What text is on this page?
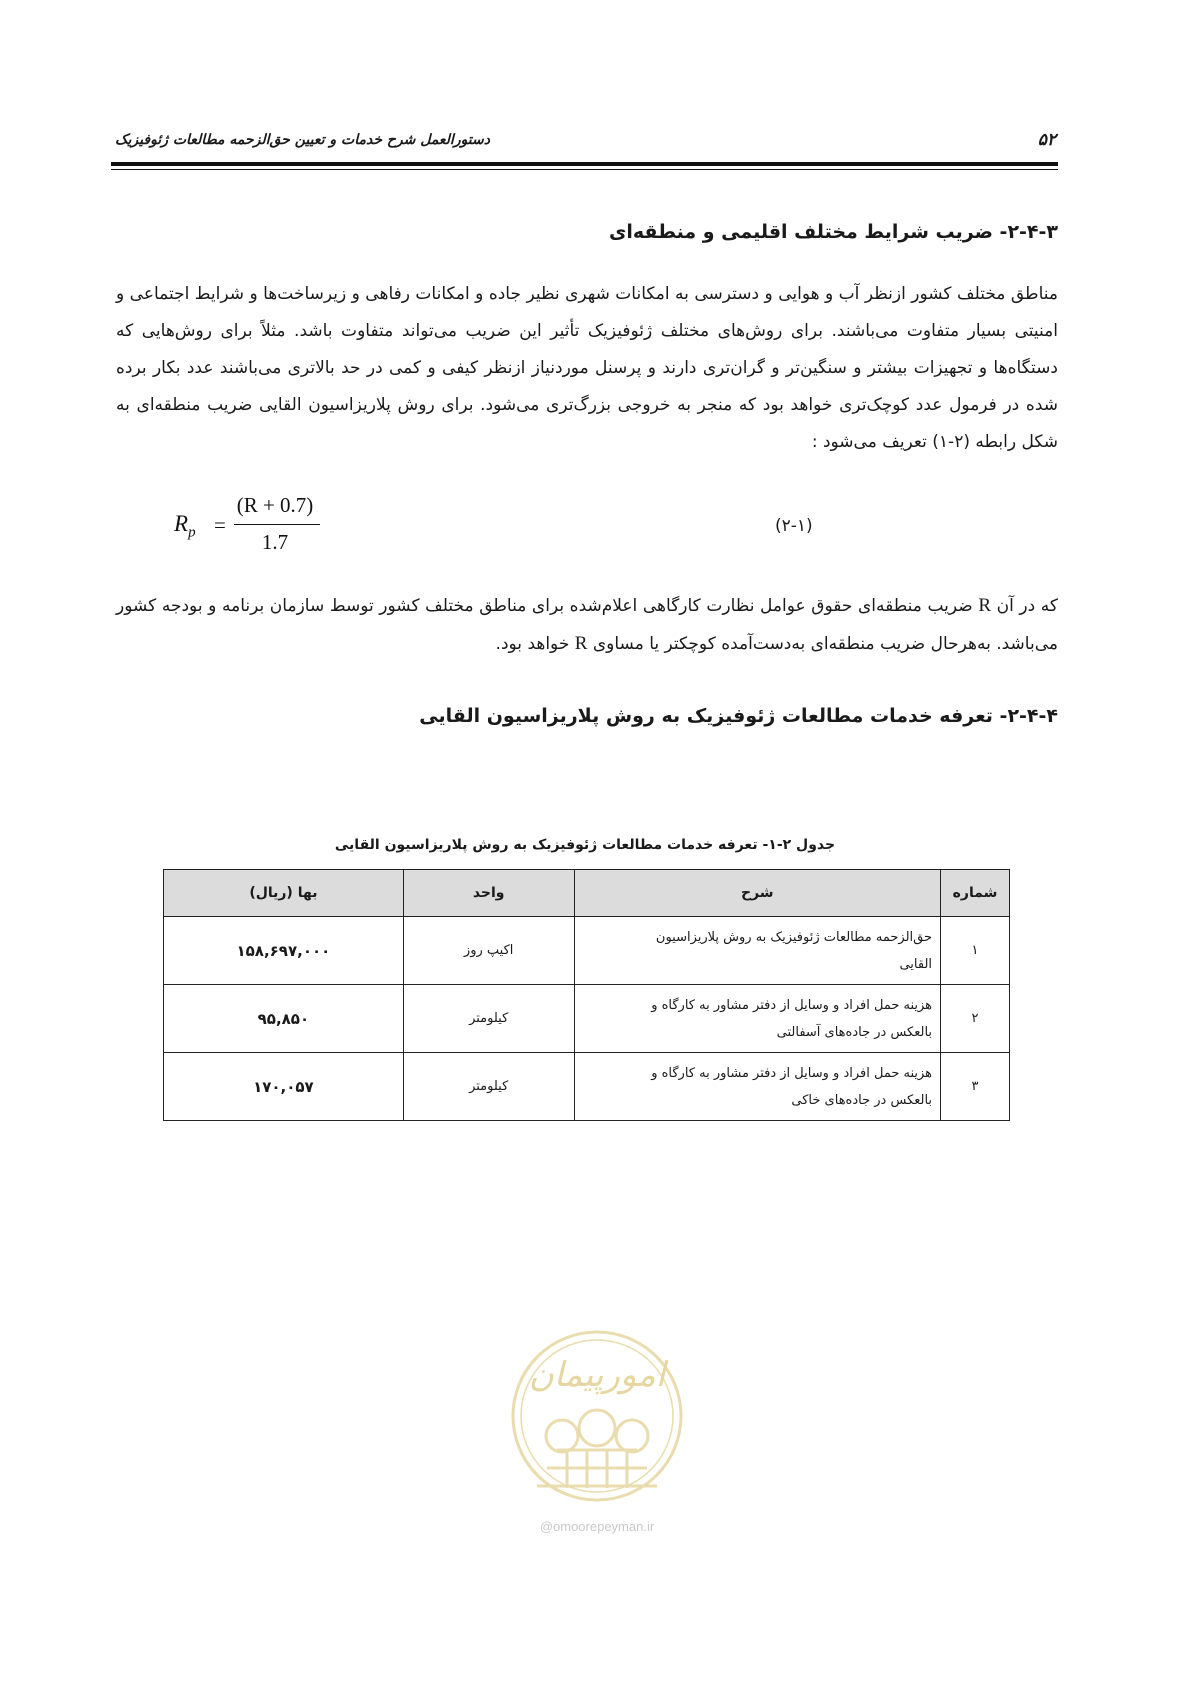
۵۲
دستورالعمل شرح خدمات و تعیین حق‌الزحمه مطالعات ژئوفیزیک
۲-۴-۳- ضریب شرایط مختلف اقلیمی و منطقه‌ای
مناطق مختلف کشور ازنظر آب و هوایی و دسترسی به امکانات شهری نظیر جاده و امکانات رفاهی و زیرساخت‌ها و شرایط اجتماعی و امنیتی بسیار متفاوت می‌باشند. برای روش‌های مختلف ژئوفیزیک تأثیر این ضریب می‌تواند متفاوت باشد. مثلاً برای روش‌هایی که دستگاه‌ها و تجهیزات بیشتر و سنگین‌تر و گران‌تری دارند و پرسنل موردنیاز ازنظر کیفی و کمی در حد بالاتری می‌باشند عدد بکار برده شده در فرمول عدد کوچک‌تری خواهد بود که منجر به خروجی بزرگ‌تری می‌شود. برای روش پلاریزاسیون القایی ضریب منطقه‌ای به شکل رابطه (۲-۱) تعریف می‌شود :
$R_p$ =
(R + 0.7)
1.7
(۲-۱)
که در آن R ضریب منطقه‌ای حقوق عوامل نظارت کارگاهی اعلام‌شده برای مناطق مختلف کشور توسط سازمان برنامه و بودجه کشور می‌باشد. به‌هرحال ضریب منطقه‌ای به‌دست‌آمده کوچکتر یا مساوی R خواهد بود.
۲-۴-۴- تعرفه خدمات مطالعات ژئوفیزیک به روش پلاریزاسیون القایی
جدول ۲-۱- تعرفه خدمات مطالعات ژئوفیزیک به روش پلاریزاسیون القایی
شماره	شرح	واحد	بها (ریال)
۱	حق‌الزحمه مطالعات ژئوفیزیک به روش پلاریزاسیون
القایی	اکیپ روز	۱۵۸,۶۹۷,۰۰۰
۲	هزینه حمل افراد و وسایل از دفتر مشاور به کارگاه و
بالعکس در جاده‌های آسفالتی	کیلومتر	۹۵,۸۵۰
۳	هزینه حمل افراد و وسایل از دفتر مشاور به کارگاه و
بالعکس در جاده‌های خاکی	کیلومتر	۱۷۰,۰۵۷
امورپیمان
@omoorepeyman.ir
